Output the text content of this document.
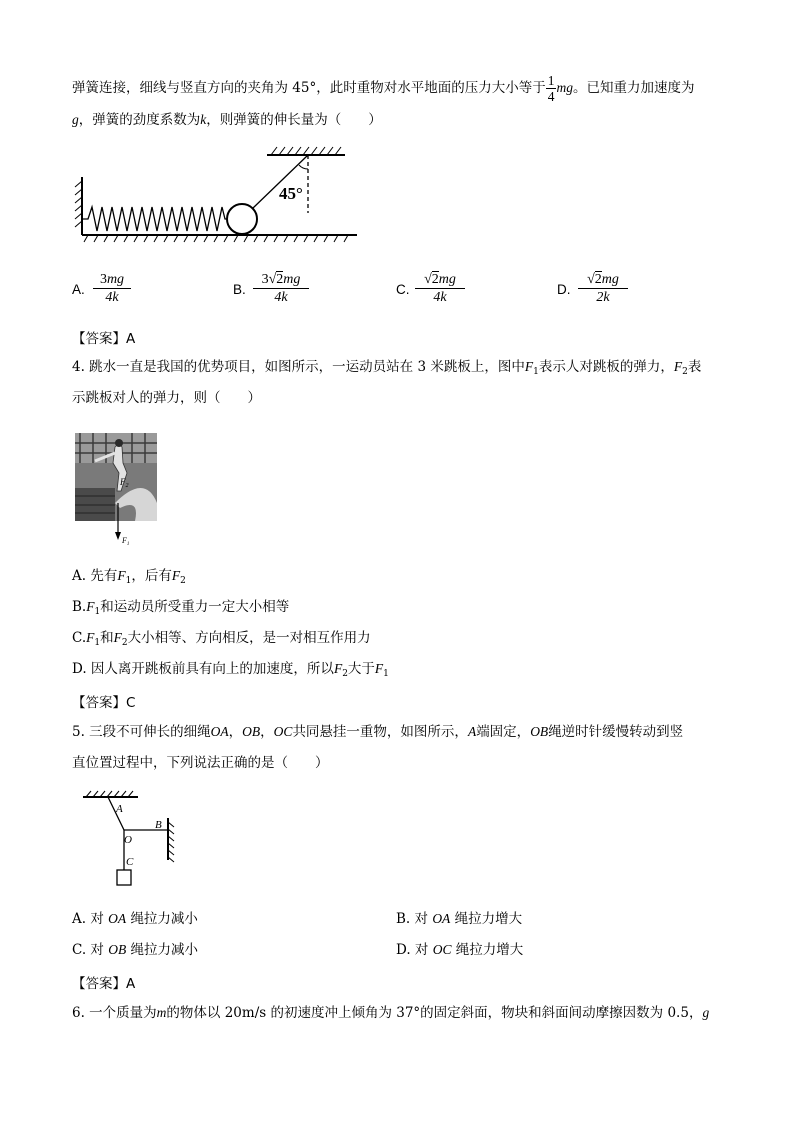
弹簧连接，细线与竖直方向的夹角为 45°，此时重物对水平地面的压力大小等于 $\frac{1}{4}$ mg。已知重力加速度为
g，弹簧的劲度系数为k，则弹簧的伸长量为（　　）
45°
A. $\frac{3mg}{4k}$	B. $\frac{3√2mg}{4k}$	C. $\frac{√2mg}{4k}$	D. $\frac{√2mg}{2k}$
【答案】A
4. 跳水一直是我国的优势项目，如图所示，一运动员站在 3 米跳板上，图中$F_1$表示人对跳板的弹力，$F_2$表
示跳板对人的弹力，则（　　）
$F_2$
$F_1$
A. 先有$F_1$，后有$F_2$
$B.F_1$和运动员所受重力一定大小相等
$C.F_1$和$F_2$大小相等、方向相反，是一对相互作用力
D. 因人离开跳板前具有向上的加速度，所以$F_2$大于$F_1$
【答案】C
5. 三段不可伸长的细绳OA，OB，OC共同悬挂一重物，如图所示，A端固定，OB绳逆时针缓慢转动到竖
直位置过程中，下列说法正确的是（　　）
A
O
B
C
A. 对 OA 绳拉力减小	B. 对 OA 绳拉力增大
C. 对 OB 绳拉力减小	D. 对 OC 绳拉力增大
【答案】A
6. 一个质量为m的物体以 20m/s 的初速度冲上倾角为 37°的固定斜面，物块和斜面间动摩擦因数为 0.5，g
